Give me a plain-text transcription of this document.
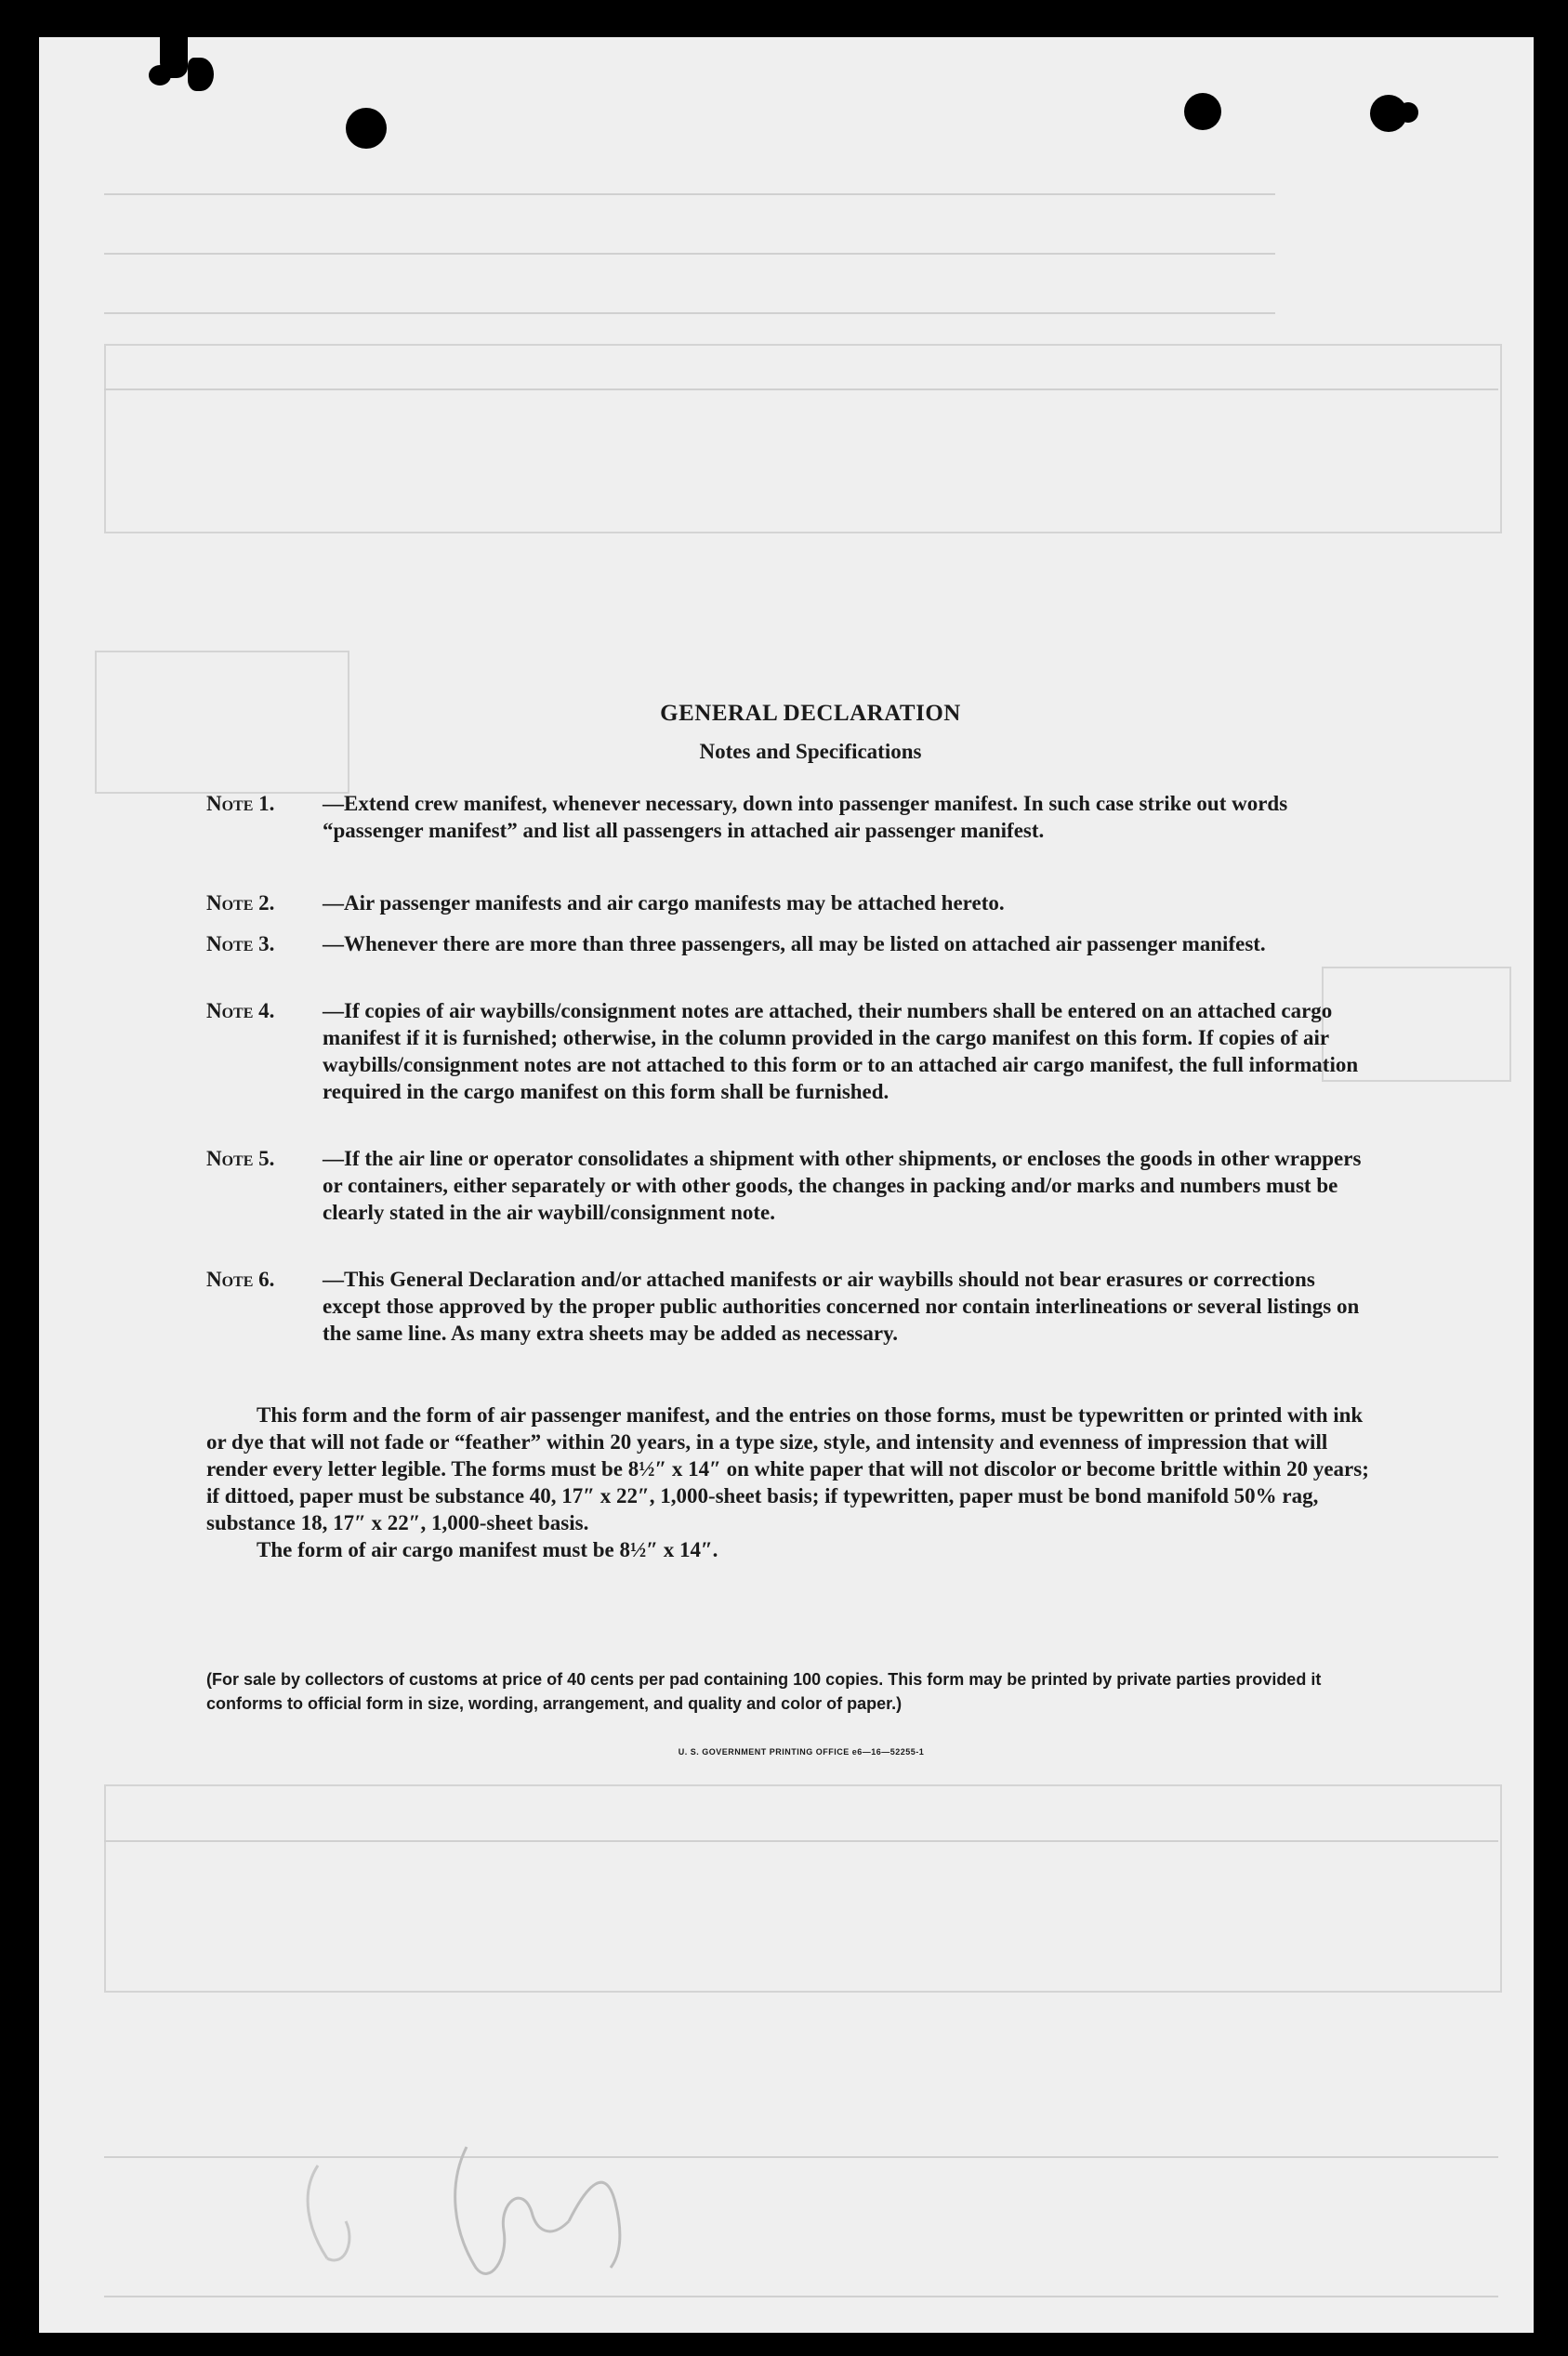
GENERAL DECLARATION
Notes and Specifications
Note 1.	—Extend crew manifest, whenever necessary, down into passenger manifest. In such case strike out words “passenger manifest” and list all passengers in attached air passenger manifest.
Note 2.	—Air passenger manifests and air cargo manifests may be attached hereto.
Note 3.	—Whenever there are more than three passengers, all may be listed on attached air passenger manifest.
Note 4.	—If copies of air waybills/consignment notes are attached, their numbers shall be entered on an attached cargo manifest if it is furnished; otherwise, in the column provided in the cargo manifest on this form. If copies of air waybills/consignment notes are not attached to this form or to an attached air cargo manifest, the full information required in the cargo manifest on this form shall be furnished.
Note 5.	—If the air line or operator consolidates a shipment with other shipments, or encloses the goods in other wrappers or containers, either separately or with other goods, the changes in packing and/or marks and numbers must be clearly stated in the air waybill/consignment note.
Note 6.	—This General Declaration and/or attached manifests or air waybills should not bear erasures or corrections except those approved by the proper public authorities concerned nor contain interlineations or several listings on the same line. As many extra sheets may be added as necessary.

This form and the form of air passenger manifest, and the entries on those forms, must be typewritten or printed with ink or dye that will not fade or “feather” within 20 years, in a type size, style, and intensity and evenness of impression that will render every letter legible. The forms must be 8½″ x 14″ on white paper that will not discolor or become brittle within 20 years; if dittoed, paper must be substance 40, 17″ x 22″, 1,000-sheet basis; if typewritten, paper must be bond manifold 50% rag, substance 18, 17″ x 22″, 1,000-sheet basis.

The form of air cargo manifest must be 8½″ x 14″.

(For sale by collectors of customs at price of 40 cents per pad containing 100 copies. This form may be printed by private parties provided it conforms to official form in size, wording, arrangement, and quality and color of paper.)
U. S. GOVERNMENT PRINTING OFFICE e6—16—52255-1
